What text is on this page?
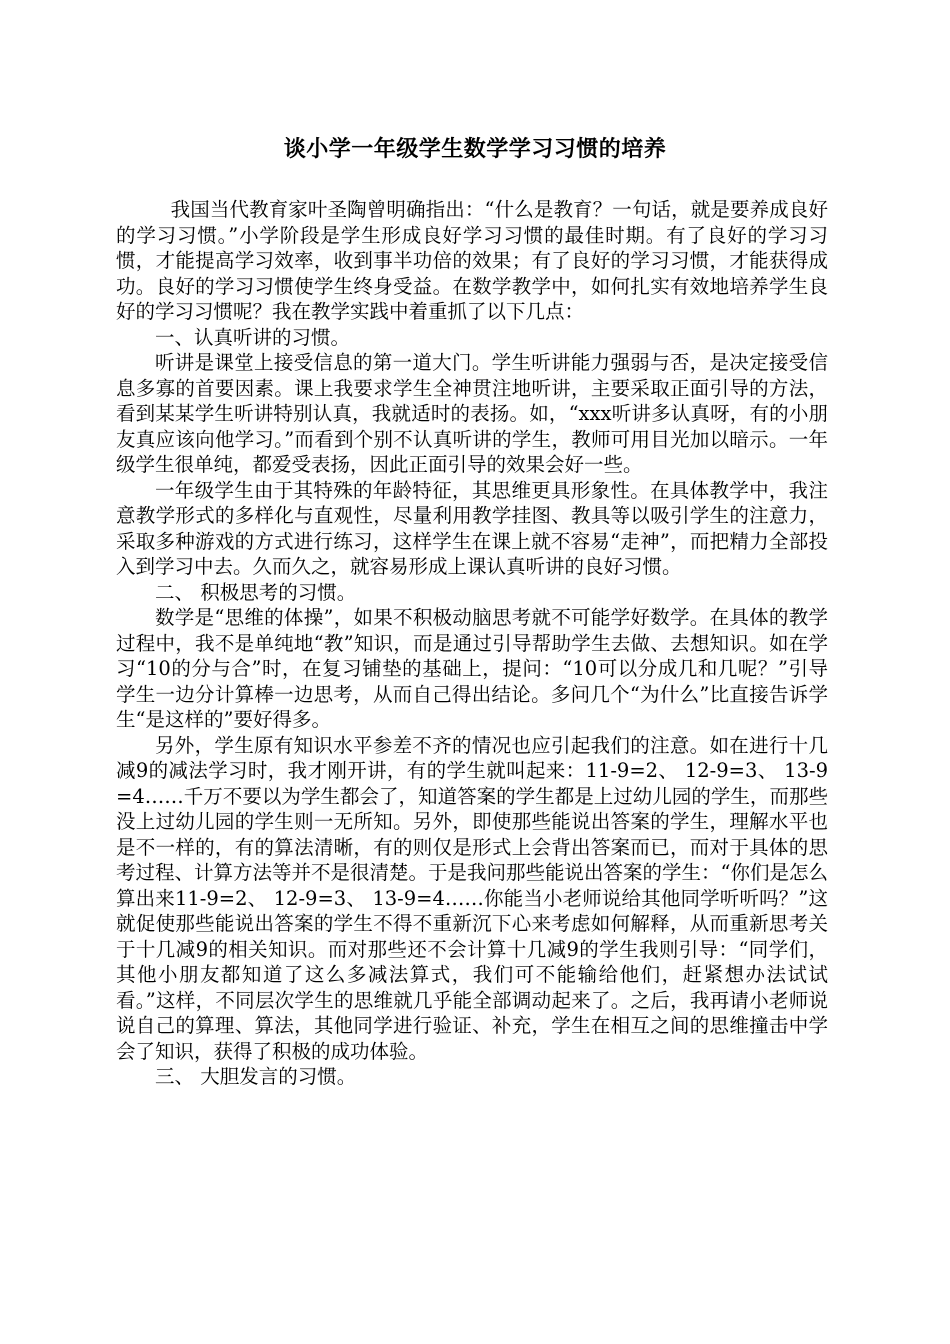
谈小学一年级学生数学学习习惯的培养

我国当代教育家叶圣陶曾明确指出：“什么是教育？一句话，就是要养成良好的学习习惯。”小学阶段是学生形成良好学习习惯的最佳时期。有了良好的学习习惯，才能提高学习效率，收到事半功倍的效果；有了良好的学习习惯，才能获得成功。良好的学习习惯使学生终身受益。在数学教学中，如何扎实有效地培养学生良好的学习习惯呢？我在教学实践中着重抓了以下几点：

一、认真听讲的习惯。

听讲是课堂上接受信息的第一道大门。学生听讲能力强弱与否，是决定接受信息多寡的首要因素。课上我要求学生全神贯注地听讲，主要采取正面引导的方法，看到某某学生听讲特别认真，我就适时的表扬。如，“xxx听讲多认真呀，有的小朋友真应该向他学习。”而看到个别不认真听讲的学生，教师可用目光加以暗示。一年级学生很单纯，都爱受表扬，因此正面引导的效果会好一些。

一年级学生由于其特殊的年龄特征，其思维更具形象性。在具体教学中，我注意教学形式的多样化与直观性，尽量利用教学挂图、教具等以吸引学生的注意力，采取多种游戏的方式进行练习，这样学生在课上就不容易“走神”，而把精力全部投入到学习中去。久而久之，就容易形成上课认真听讲的良好习惯。

二、 积极思考的习惯。

数学是“思维的体操”，如果不积极动脑思考就不可能学好数学。在具体的教学过程中，我不是单纯地“教”知识，而是通过引导帮助学生去做、去想知识。如在学习“10的分与合”时，在复习铺垫的基础上，提问：“10可以分成几和几呢？”引导学生一边分计算棒一边思考，从而自己得出结论。多问几个“为什么”比直接告诉学生“是这样的”要好得多。

另外，学生原有知识水平参差不齐的情况也应引起我们的注意。如在进行十几减9的减法学习时，我才刚开讲，有的学生就叫起来：11-9=2、 12-9=3、 13-9=4……千万不要以为学生都会了，知道答案的学生都是上过幼儿园的学生，而那些没上过幼儿园的学生则一无所知。另外，即使那些能说出答案的学生，理解水平也是不一样的，有的算法清晰，有的则仅是形式上会背出答案而已，而对于具体的思考过程、计算方法等并不是很清楚。于是我问那些能说出答案的学生：“你们是怎么算出来11-9=2、 12-9=3、 13-9=4……你能当小老师说给其他同学听听吗？”这就促使那些能说出答案的学生不得不重新沉下心来考虑如何解释，从而重新思考关于十几减9的相关知识。而对那些还不会计算十几减9的学生我则引导：“同学们，其他小朋友都知道了这么多减法算式，我们可不能输给他们，赶紧想办法试试看。”这样，不同层次学生的思维就几乎能全部调动起来了。之后，我再请小老师说说自己的算理、算法，其他同学进行验证、补充，学生在相互之间的思维撞击中学会了知识，获得了积极的成功体验。

三、 大胆发言的习惯。
